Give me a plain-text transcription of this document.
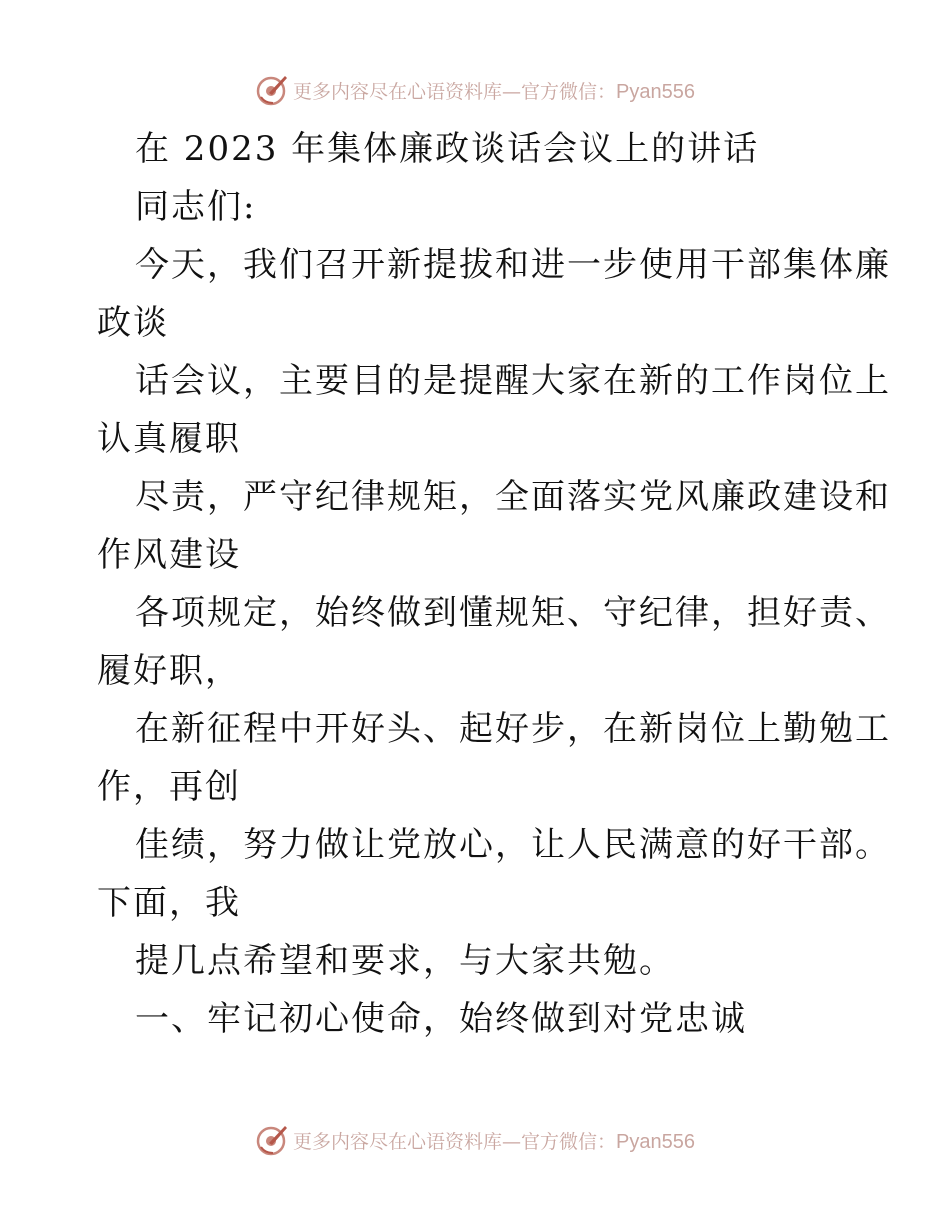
更多内容尽在心语资料库—官方微信：Pyan556
在 2023 年集体廉政谈话会议上的讲话
同志们:
今天，我们召开新提拔和进一步使用干部集体廉
政谈
话会议，主要目的是提醒大家在新的工作岗位上
认真履职
尽责，严守纪律规矩，全面落实党风廉政建设和
作风建设
各项规定，始终做到懂规矩、守纪律，担好责、
履好职，
在新征程中开好头、起好步，在新岗位上勤勉工
作，再创
佳绩，努力做让党放心，让人民满意的好干部。
下面，我
提几点希望和要求，与大家共勉。
一、牢记初心使命，始终做到对党忠诚
更多内容尽在心语资料库—官方微信：Pyan556
